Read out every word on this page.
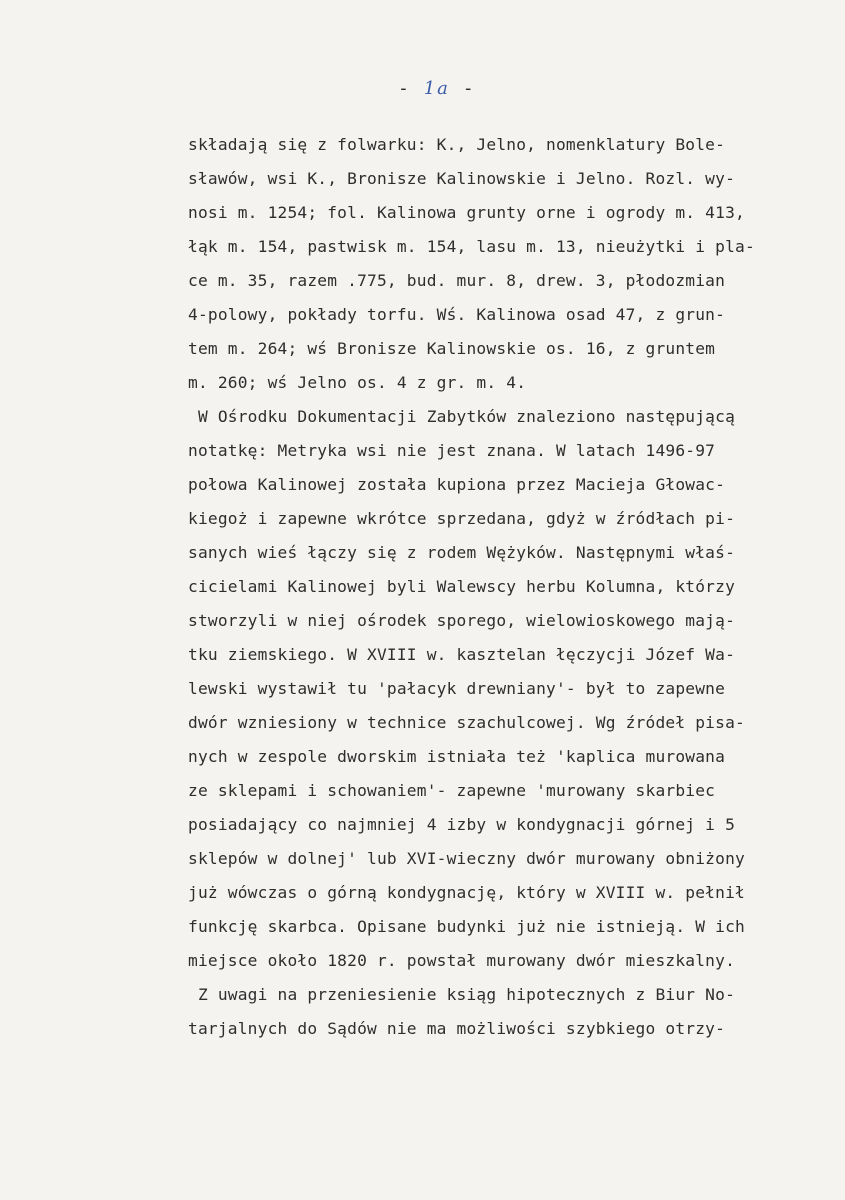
- 1a -
składają się z folwarku: K., Jelno, nomenklatury Bole-
sławów, wsi K., Bronisze Kalinowskie i Jelno. Rozl. wy-
nosi m. 1254; fol. Kalinowa grunty orne i ogrody m. 413,
łąk m. 154, pastwisk m. 154, lasu m. 13, nieużytki i pla-
ce m. 35, razem .775, bud. mur. 8, drew. 3, płodozmian
4-polowy, pokłady torfu. Wś. Kalinowa osad 47, z grun-
tem m. 264; wś Bronisze Kalinowskie os. 16, z gruntem
m. 260; wś Jelno os. 4 z gr. m. 4.
W Ośrodku Dokumentacji Zabytków znaleziono następującą
notatkę: Metryka wsi nie jest znana. W latach 1496-97
połowa Kalinowej została kupiona przez Macieja Głowac-
kiegoż i zapewne wkrótce sprzedana, gdyż w źródłach pi-
sanych wieś łączy się z rodem Wężyków. Następnymi właś-
cicielami Kalinowej byli Walewscy herbu Kolumna, którzy
stworzyli w niej ośrodek sporego, wielowioskowego mają-
tku ziemskiego. W XVIII w. kasztelan łęczycji Józef Wa-
lewski wystawił tu 'pałacyk drewniany'- był to zapewne
dwór wzniesiony w technice szachulcowej. Wg źródeł pisa-
nych w zespole dworskim istniała też 'kaplica murowana
ze sklepami i schowaniem'- zapewne 'murowany skarbiec
posiadający co najmniej 4 izby w kondygnacji górnej i 5
sklepów w dolnej' lub XVI-wieczny dwór murowany obniżony
już wówczas o górną kondygnację, który w XVIII w. pełnił
funkcję skarbca. Opisane budynki już nie istnieją. W ich
miejsce około 1820 r. powstał murowany dwór mieszkalny.
Z uwagi na przeniesienie ksiąg hipotecznych z Biur No-
tarjalnych do Sądów nie ma możliwości szybkiego otrzy-
